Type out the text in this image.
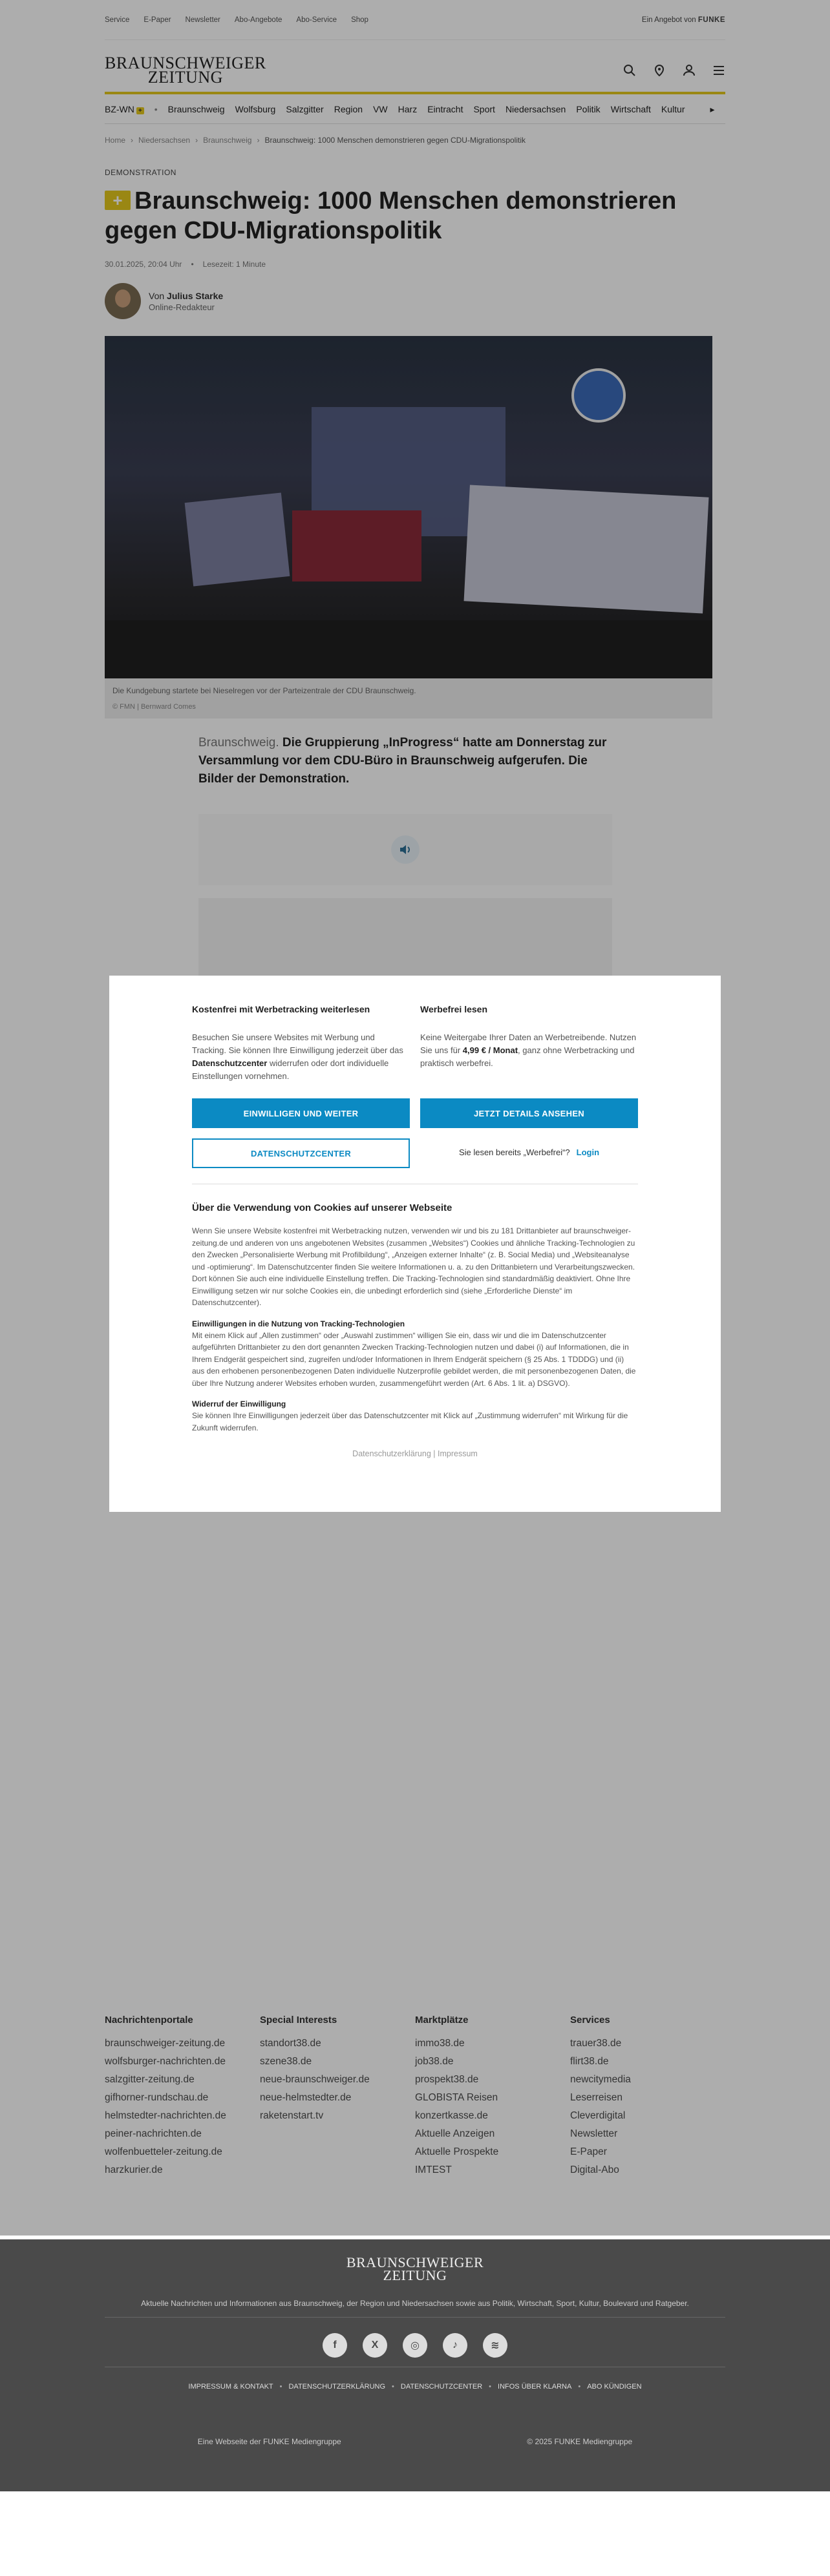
Service E-Paper Newsletter Abo-Angebote Abo-Service Shop	Ein Angebot von FUNKE
BRAUNSCHWEIGER
ZEITUNG
BZ-WN + • Braunschweig Wolfsburg Salzgitter Region VW Harz Eintracht Sport Niedersachsen Politik Wirtschaft Kultur	▸
Home › Niedersachsen › Braunschweig › Braunschweig: 1000 Menschen demonstrieren gegen CDU-Migrationspolitik
DEMONSTRATION
+ Braunschweig: 1000 Menschen demonstrieren gegen CDU-Migrationspolitik
30.01.2025, 20:04 Uhr • Lesezeit: 1 Minute
Von Julius Starke
Online-Redakteur
Die Kundgebung startete bei Nieselregen vor der Parteizentrale der CDU Braunschweig.
© FMN | Bernward Comes

Braunschweig. Die Gruppierung „InProgress“ hatte am Donnerstag zur Versammlung vor dem CDU-Büro in Braunschweig aufgerufen. Die Bilder der Demonstration.

Kostenfrei mit Werbetracking weiterlesen

Besuchen Sie unsere Websites mit Werbung und Tracking. Sie können Ihre Einwilligung jederzeit über das Datenschutzcenter widerrufen oder dort individuelle Einstellungen vornehmen.

EINWILLIGEN UND WEITER
DATENSCHUTZCENTER
Werbefrei lesen

Keine Weitergabe Ihrer Daten an Werbetreibende. Nutzen Sie uns für 4,99 € / Monat, ganz ohne Werbetracking und praktisch werbefrei.

JETZT DETAILS ANSEHEN
Sie lesen bereits „Werbefrei“? Login
Über die Verwendung von Cookies auf unserer Webseite

Wenn Sie unsere Website kostenfrei mit Werbetracking nutzen, verwenden wir und bis zu 181 Drittanbieter auf braunschweiger-zeitung.de und anderen von uns angebotenen Websites (zusammen „Websites“) Cookies und ähnliche Tracking-Technologien zu den Zwecken „Personalisierte Werbung mit Profilbildung“, „Anzeigen externer Inhalte“ (z. B. Social Media) und „Websiteanalyse und -optimierung“. Im Datenschutzcenter finden Sie weitere Informationen u. a. zu den Drittanbietern und Verarbeitungszwecken. Dort können Sie auch eine individuelle Einstellung treffen. Die Tracking-Technologien sind standardmäßig deaktiviert. Ohne Ihre Einwilligung setzen wir nur solche Cookies ein, die unbedingt erforderlich sind (siehe „Erforderliche Dienste“ im Datenschutzcenter).

Einwilligungen in die Nutzung von Tracking-Technologien

Mit einem Klick auf „Allen zustimmen“ oder „Auswahl zustimmen“ willigen Sie ein, dass wir und die im Datenschutzcenter aufgeführten Drittanbieter zu den dort genannten Zwecken Tracking-Technologien nutzen und dabei (i) auf Informationen, die in Ihrem Endgerät gespeichert sind, zugreifen und/oder Informationen in Ihrem Endgerät speichern (§ 25 Abs. 1 TDDDG) und (ii) aus den erhobenen personenbezogenen Daten individuelle Nutzerprofile gebildet werden, die mit personenbezogenen Daten, die über Ihre Nutzung anderer Websites erhoben wurden, zusammengeführt werden (Art. 6 Abs. 1 lit. a) DSGVO).

Widerruf der Einwilligung

Sie können Ihre Einwilligungen jederzeit über das Datenschutzcenter mit Klick auf „Zustimmung widerrufen“ mit Wirkung für die Zukunft widerrufen.

Datenschutzerklärung | Impressum
Nachrichtenportale
braunschweiger-zeitung.de
wolfsburger-nachrichten.de
salzgitter-zeitung.de
gifhorner-rundschau.de
helmstedter-nachrichten.de
peiner-nachrichten.de
wolfenbuetteler-zeitung.de
harzkurier.de
Special Interests
standort38.de
szene38.de
neue-braunschweiger.de
neue-helmstedter.de
raketenstart.tv
Marktplätze
immo38.de
job38.de
prospekt38.de
GLOBISTA Reisen
konzertkasse.de
Aktuelle Anzeigen
Aktuelle Prospekte
IMTEST
Services
trauer38.de
flirt38.de
newcitymedia
Leserreisen
Cleverdigital
Newsletter
E-Paper
Digital-Abo
BRAUNSCHWEIGER
ZEITUNG
Aktuelle Nachrichten und Informationen aus Braunschweig, der Region und Niedersachsen sowie aus Politik, Wirtschaft, Sport, Kultur, Boulevard und Ratgeber.
f	X	◎	♪	≋
IMPRESSUM & KONTAKT • DATENSCHUTZERKLÄRUNG • DATENSCHUTZCENTER • INFOS ÜBER KLARNA • ABO KÜNDIGEN
Eine Webseite der FUNKE Mediengruppe	© 2025 FUNKE Mediengruppe
